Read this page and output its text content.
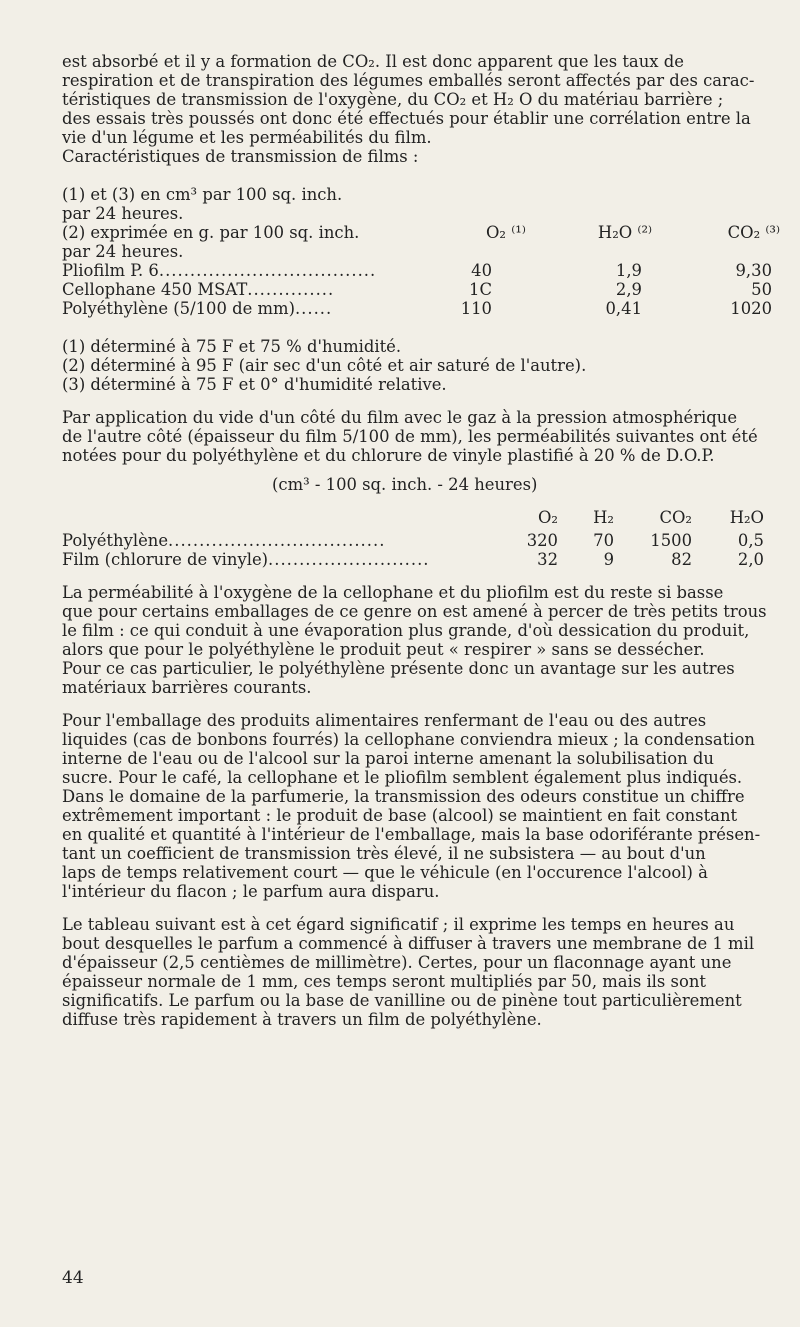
est absorbé et il y a formation de CO₂. Il est donc apparent que les taux de
respiration et de transpiration des légumes emballés seront affectés par des carac-
téristiques de transmission de l'oxygène, du CO₂ et H₂ O du matériau barrière ;
des essais très poussés ont donc été effectués pour établir une corrélation entre la
vie d'un légume et les perméabilités du film.

Caractéristiques de transmission de films :
(1) et (3) en cm³ par 100 sq. inch.
par 24 heures.
(2) exprimée en g. par 100 sq. inch.	O₂ ⁽¹⁾	H₂O ⁽²⁾	CO₂ ⁽³⁾
par 24 heures.
Pliofilm P. 6 ...................................	40	1,9	9,30
Cellophane 450 MSAT ..............	1C	2,9	50
Polyéthylène (5/100 de mm) ......	110	0,41	1020
(1) déterminé à 75 F et 75 % d'humidité.
(2) déterminé à 95 F (air sec d'un côté et air saturé de l'autre).
(3) déterminé à 75 F et 0° d'humidité relative.

Par application du vide d'un côté du film avec le gaz à la pression atmosphérique
de l'autre côté (épaisseur du film 5/100 de mm), les perméabilités suivantes ont été
notées pour du polyéthylène et du chlorure de vinyle plastifié à 20 % de D.O.P.

(cm³ - 100 sq. inch. - 24 heures)
O₂	H₂	CO₂	H₂O
Polyéthylène ...................................	320	70	1500	0,5
Film (chlorure de vinyle) ..........................	32	9	82	2,0

La perméabilité à l'oxygène de la cellophane et du pliofilm est du reste si basse
que pour certains emballages de ce genre on est amené à percer de très petits trous
le film : ce qui conduit à une évaporation plus grande, d'où dessication du produit,
alors que pour le polyéthylène le produit peut « respirer » sans se dessécher.
Pour ce cas particulier, le polyéthylène présente donc un avantage sur les autres
matériaux barrières courants.

Pour l'emballage des produits alimentaires renfermant de l'eau ou des autres
liquides (cas de bonbons fourrés) la cellophane conviendra mieux ; la condensation
interne de l'eau ou de l'alcool sur la paroi interne amenant la solubilisation du
sucre. Pour le café, la cellophane et le pliofilm semblent également plus indiqués.
Dans le domaine de la parfumerie, la transmission des odeurs constitue un chiffre
extrêmement important : le produit de base (alcool) se maintient en fait constant
en qualité et quantité à l'intérieur de l'emballage, mais la base odoriférante présen-
tant un coefficient de transmission très élevé, il ne subsistera — au bout d'un
laps de temps relativement court — que le véhicule (en l'occurence l'alcool) à
l'intérieur du flacon ; le parfum aura disparu.

Le tableau suivant est à cet égard significatif ; il exprime les temps en heures au
bout desquelles le parfum a commencé à diffuser à travers une membrane de 1 mil
d'épaisseur (2,5 centièmes de millimètre). Certes, pour un flaconnage ayant une
épaisseur normale de 1 mm, ces temps seront multipliés par 50, mais ils sont
significatifs. Le parfum ou la base de vanilline ou de pinène tout particulièrement
diffuse très rapidement à travers un film de polyéthylène.

44
